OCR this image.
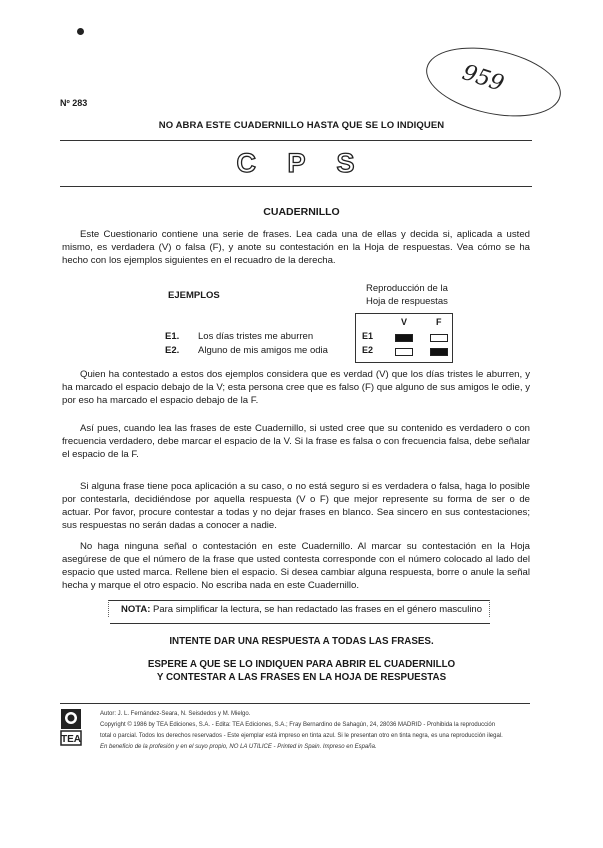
959
Nº 283
NO ABRA ESTE CUADERNILLO HASTA QUE SE LO INDIQUEN
C P S
CUADERNILLO
Este Cuestionario contiene una serie de frases. Lea cada una de ellas y decida si, aplicada a usted mismo, es verdadera (V) o falsa (F), y anote su contestación en la Hoja de respuestas. Vea cómo se ha hecho con los ejemplos siguientes en el recuadro de la derecha.
EJEMPLOS
Reproducción de la
Hoja de respuestas
V	F
E1
E2
E1. Los días tristes me aburren
E2. Alguno de mis amigos me odia
Quien ha contestado a estos dos ejemplos considera que es verdad (V) que los días tristes le aburren, y ha marcado el espacio debajo de la V; esta persona cree que es falso (F) que alguno de sus amigos le odie, y por eso ha marcado el espacio debajo de la F.
Así pues, cuando lea las frases de este Cuadernillo, si usted cree que su contenido es verdadero o con frecuencia verdadero, debe marcar el espacio de la V. Si la frase es falsa o con frecuencia falsa, debe señalar el espacio de la F.
Si alguna frase tiene poca aplicación a su caso, o no está seguro si es verdadera o falsa, haga lo posible por contestarla, decidiéndose por aquella respuesta (V o F) que mejor represente su forma de ser o de actuar. Por favor, procure contestar a todas y no dejar frases en blanco. Sea sincero en sus contestaciones; sus respuestas no serán dadas a conocer a nadie.
No haga ninguna señal o contestación en este Cuadernillo. Al marcar su contestación en la Hoja asegúrese de que el número de la frase que usted contesta corresponde con el número colocado al lado del espacio que usted marca. Rellene bien el espacio. Si desea cambiar alguna respuesta, borre o anule la señal hecha y marque el otro espacio. No escriba nada en este Cuadernillo.
NOTA: Para simplificar la lectura, se han redactado las frases en el género masculino
INTENTE DAR UNA RESPUESTA A TODAS LAS FRASES.
ESPERE A QUE SE LO INDIQUEN PARA ABRIR EL CUADERNILLO
Y CONTESTAR A LAS FRASES EN LA HOJA DE RESPUESTAS
TEA
Autor: J. L. Fernández-Seara, N. Seisdedos y M. Mielgo.
Copyright © 1986 by TEA Ediciones, S.A. - Edita: TEA Ediciones, S.A.; Fray Bernardino de Sahagún, 24, 28036 MADRID - Prohibida la reproducción
total o parcial. Todos los derechos reservados - Este ejemplar está impreso en tinta azul. Si le presentan otro en tinta negra, es una reproducción ilegal.
En beneficio de la profesión y en el suyo propio, NO LA UTILICE - Printed in Spain. Impreso en España.
